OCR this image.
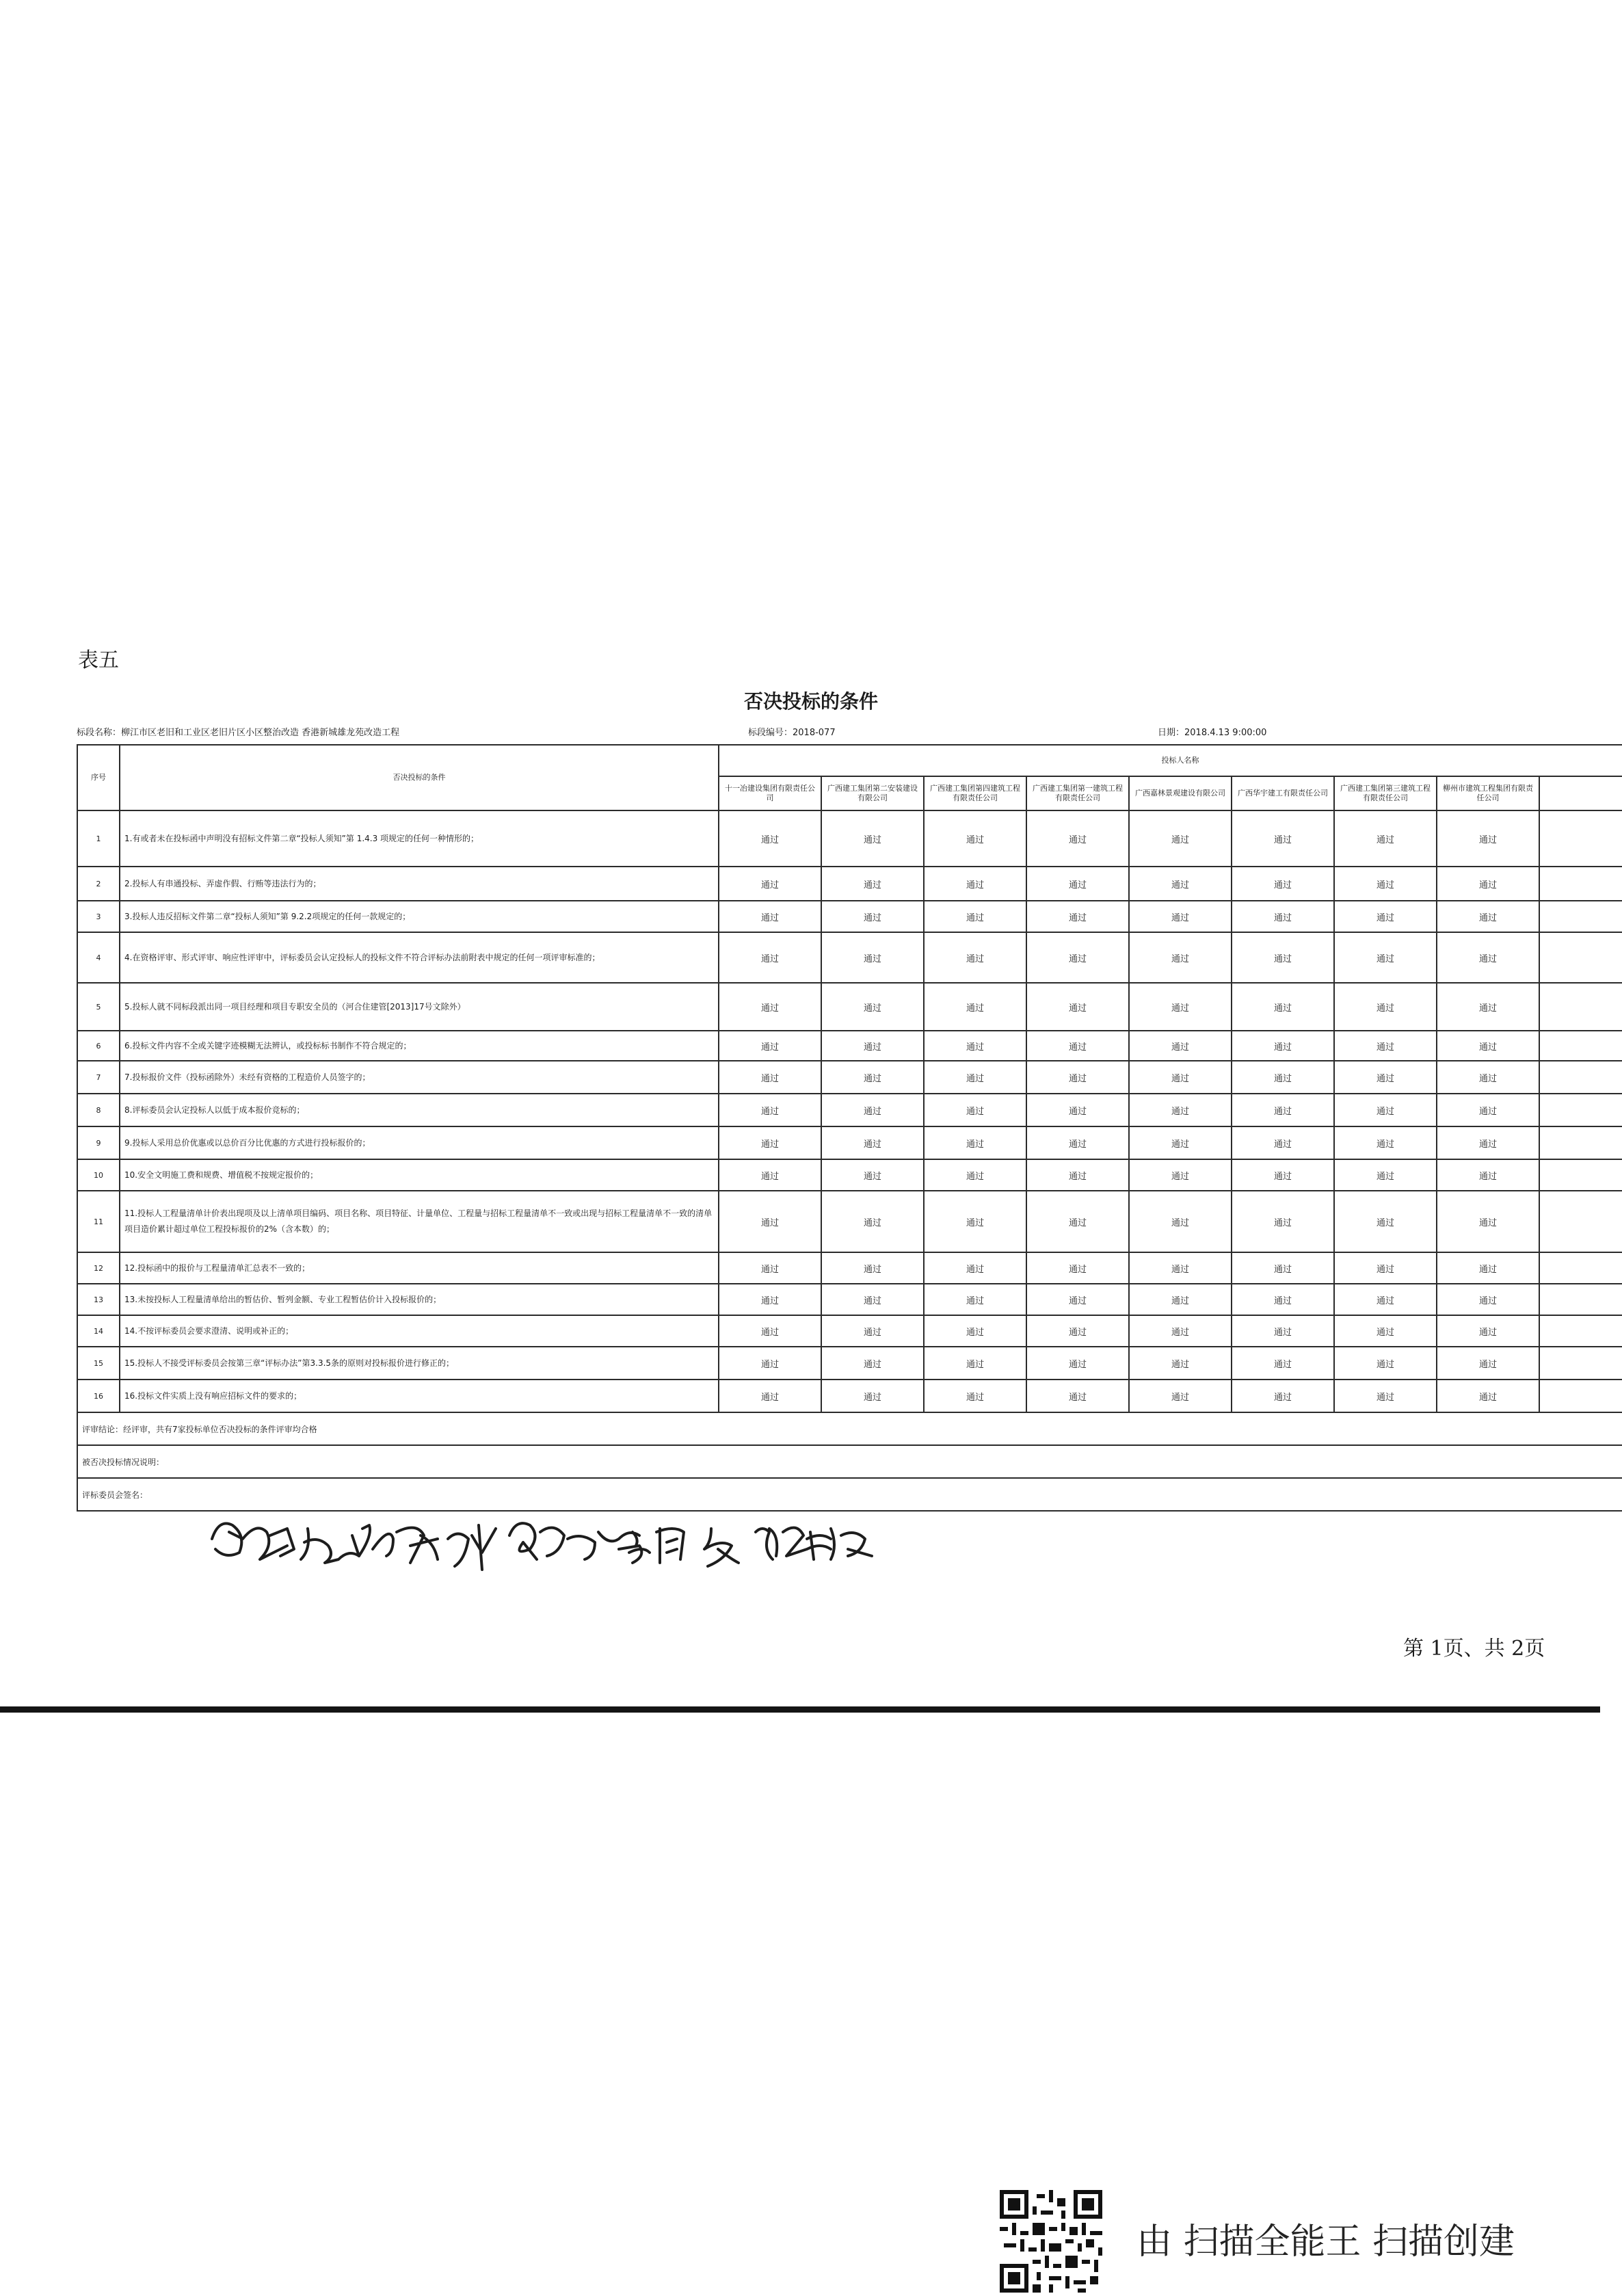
表五
否决投标的条件
标段名称：柳江市区老旧和工业区老旧片区小区整治改造 香港新城雄龙苑改造工程	标段编号：2018-077	日期：2018.4.13 9:00:00
序号	否决投标的条件	投标人名称								
		十一冶建设集团有限责任公司	广西建工集团第二安装建设有限公司	广西建工集团第四建筑工程有限责任公司	广西建工集团第一建筑工程有限责任公司	广西嘉林景观建设有限公司	广西华宇建工有限责任公司	广西建工集团第三建筑工程有限责任公司	柳州市建筑工程集团有限责任公司	
1	1.有或者未在投标函中声明没有招标文件第二章“投标人须知”第 1.4.3 项规定的任何一种情形的；	通过	通过	通过	通过	通过	通过	通过	通过	
2	2.投标人有串通投标、弄虚作假、行贿等违法行为的；	通过	通过	通过	通过	通过	通过	通过	通过	
3	3.投标人违反招标文件第二章“投标人须知”第 9.2.2项规定的任何一款规定的；	通过	通过	通过	通过	通过	通过	通过	通过	
4	4.在资格评审、形式评审、响应性评审中，评标委员会认定投标人的投标文件不符合评标办法前附表中规定的任何一项评审标准的；	通过	通过	通过	通过	通过	通过	通过	通过	
5	5.投标人就不同标段派出同一项目经理和项目专职安全员的（河合住建管[2013]17号文除外）	通过	通过	通过	通过	通过	通过	通过	通过	
6	6.投标文件内容不全或关键字迹模糊无法辨认，或投标标书制作不符合规定的；	通过	通过	通过	通过	通过	通过	通过	通过	
7	7.投标报价文件（投标函除外）未经有资格的工程造价人员签字的；	通过	通过	通过	通过	通过	通过	通过	通过	
8	8.评标委员会认定投标人以低于成本报价竞标的；	通过	通过	通过	通过	通过	通过	通过	通过	
9	9.投标人采用总价优惠或以总价百分比优惠的方式进行投标报价的；	通过	通过	通过	通过	通过	通过	通过	通过	
10	10.安全文明施工费和规费、增值税不按规定报价的；	通过	通过	通过	通过	通过	通过	通过	通过	
11	11.投标人工程量清单计价表出现项及以上清单项目编码、项目名称、项目特征、计量单位、工程量与招标工程量清单不一致或出现与招标工程量清单不一致的清单项目造价累计超过单位工程投标报价的2%（含本数）的；	通过	通过	通过	通过	通过	通过	通过	通过	
12	12.投标函中的报价与工程量清单汇总表不一致的；	通过	通过	通过	通过	通过	通过	通过	通过	
13	13.未按投标人工程量清单给出的暂估价、暂列金额、专业工程暂估价计入投标报价的；	通过	通过	通过	通过	通过	通过	通过	通过	
14	14.不按评标委员会要求澄清、说明或补正的；	通过	通过	通过	通过	通过	通过	通过	通过	
15	15.投标人不接受评标委员会按第三章“评标办法”第3.3.5条的原则对投标报价进行修正的；	通过	通过	通过	通过	通过	通过	通过	通过	
16	16.投标文件实质上没有响应招标文件的要求的；	通过	通过	通过	通过	通过	通过	通过	通过	
评审结论：经评审，共有7家投标单位否决投标的条件评审均合格										
被否决投标情况说明：										
评标委员会签名：										
第 1页、共 2页
由 扫描全能王 扫描创建
